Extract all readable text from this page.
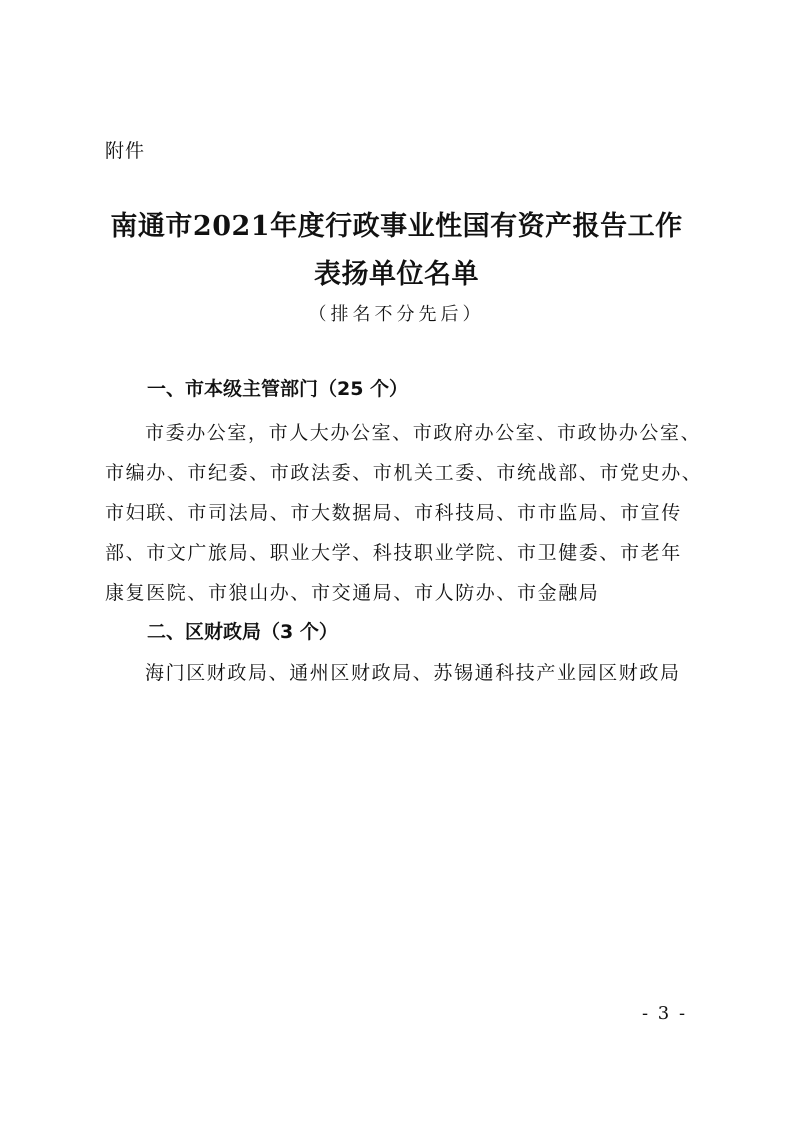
附件
南通市2021年度行政事业性国有资产报告工作
表扬单位名单
（排名不分先后）
一、市本级主管部门（25 个）
市委办公室，市人大办公室、市政府办公室、市政协办公室、
市编办、市纪委、市政法委、市机关工委、市统战部、市党史办、
市妇联、市司法局、市大数据局、市科技局、市市监局、市宣传
部、市文广旅局、职业大学、科技职业学院、市卫健委、市老年
康复医院、市狼山办、市交通局、市人防办、市金融局
二、区财政局（3 个）
海门区财政局、通州区财政局、苏锡通科技产业园区财政局
- 3 -
